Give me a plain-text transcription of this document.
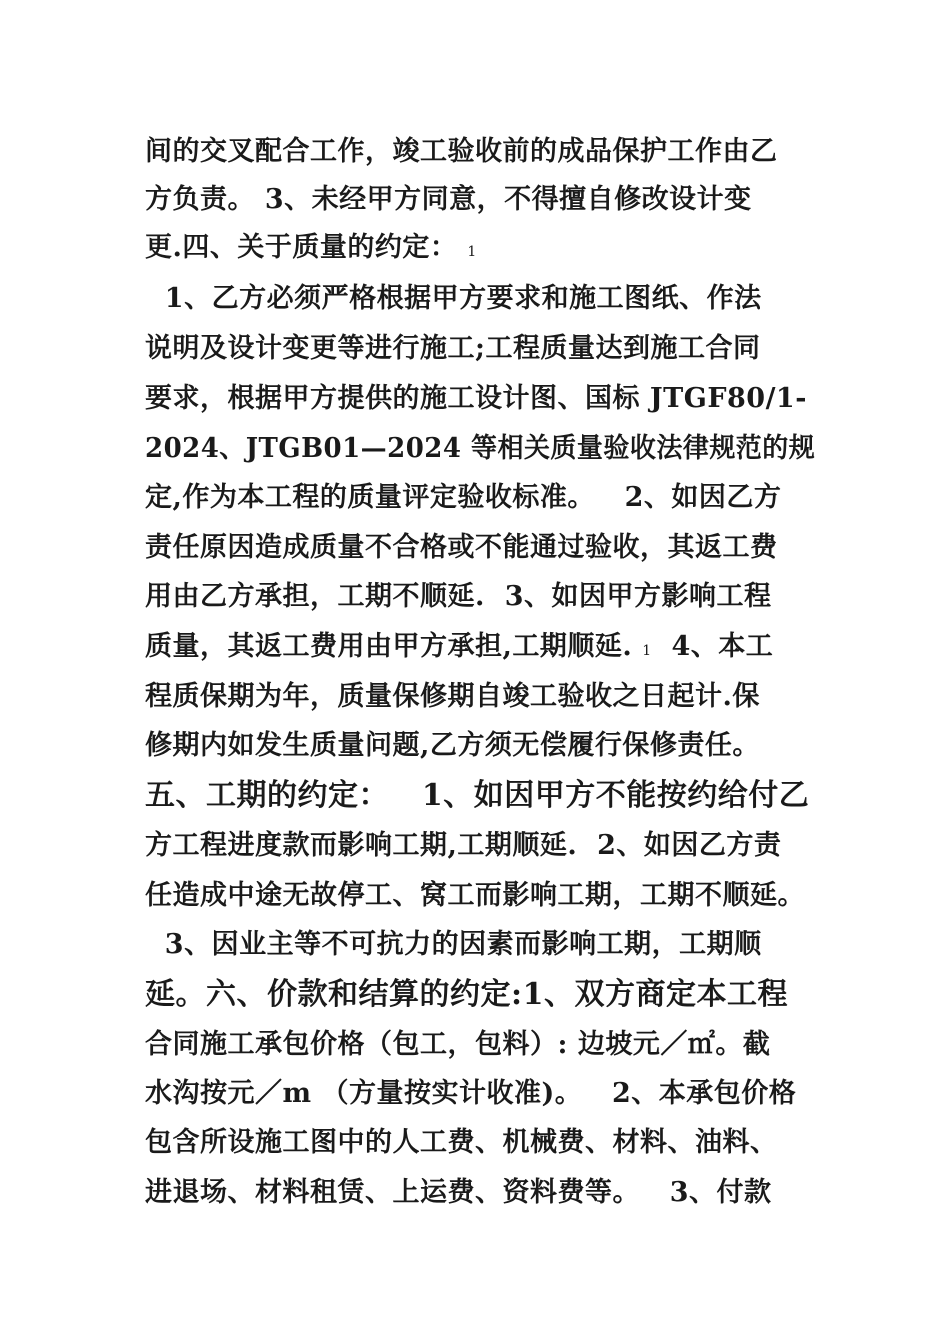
间的交叉配合工作，竣工验收前的成品保护工作由乙
方负责。 3、未经甲方同意，不得擅自修改设计变
更.四、关于质量的约定： 1
1、乙方必须严格根据甲方要求和施工图纸、作法
说明及设计变更等进行施工;工程质量达到施工合同
要求，根据甲方提供的施工设计图、国标 JTGF80/1-
2024、JTGB01—2024 等相关质量验收法律规范的规
定,作为本工程的质量评定验收标准。   2、如因乙方
责任原因造成质量不合格或不能通过验收，其返工费
用由乙方承担，工期不顺延.  3、如因甲方影响工程
质量，其返工费用由甲方承担,工期顺延. 1  4、本工
程质保期为年，质量保修期自竣工验收之日起计.保
修期内如发生质量问题,乙方须无偿履行保修责任。
五、工期的约定：   1、如因甲方不能按约给付乙
方工程进度款而影响工期,工期顺延.  2、如因乙方责
任造成中途无故停工、窝工而影响工期，工期不顺延。
3、因业主等不可抗力的因素而影响工期，工期顺
延。六、价款和结算的约定:1、双方商定本工程
合同施工承包价格（包工，包料）: 边坡元／㎡。截
水沟按元／m （方量按实计收准)。   2、本承包价格
包含所设施工图中的人工费、机械费、材料、油料、
进退场、材料租赁、上运费、资料费等。   3、付款
